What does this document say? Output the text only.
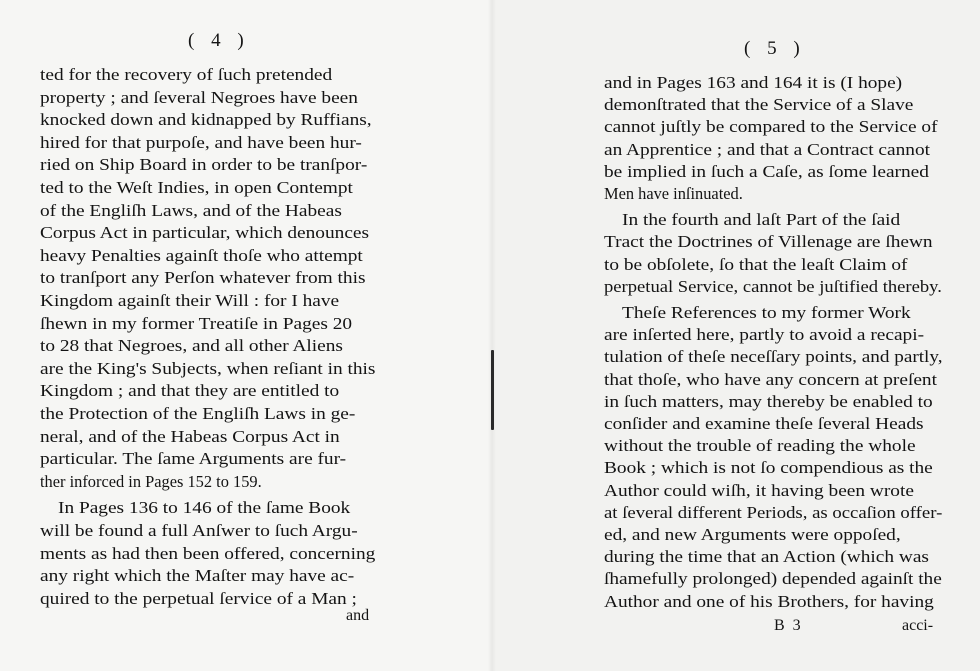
( 4 )
ted for the recovery of ſuch pretended
property ; and ſeveral Negroes have been
knocked down and kidnapped by Ruffians,
hired for that purpoſe, and have been hur-
ried on Ship Board in order to be tranſpor-
ted to the Weſt Indies, in open Contempt
of the Engliſh Laws, and of the Habeas
Corpus Act in particular, which denounces
heavy Penalties againſt thoſe who attempt
to tranſport any Perſon whatever from this
Kingdom againſt their Will : for I have
ſhewn in my former Treatiſe in Pages 20
to 28 that Negroes, and all other Aliens
are the King's Subjects, when reſiant in this
Kingdom ; and that they are entitled to
the Protection of the Engliſh Laws in ge-
neral, and of the Habeas Corpus Act in
particular. The ſame Arguments are fur-
ther inforced in Pages 152 to 159.
In Pages 136 to 146 of the ſame Book
will be found a full Anſwer to ſuch Argu-
ments as had then been offered, concerning
any right which the Maſter may have ac-
quired to the perpetual ſervice of a Man ;
and
( 5 )
and in Pages 163 and 164 it is (I hope)
demonſtrated that the Service of a Slave
cannot juſtly be compared to the Service of
an Apprentice ; and that a Contract cannot
be implied in ſuch a Caſe, as ſome learned
Men have inſinuated.
In the fourth and laſt Part of the ſaid
Tract the Doctrines of Villenage are ſhewn
to be obſolete, ſo that the leaſt Claim of
perpetual Service, cannot be juſtified thereby.
Theſe References to my former Work
are inſerted here, partly to avoid a recapi-
tulation of theſe neceſſary points, and partly,
that thoſe, who have any concern at preſent
in ſuch matters, may thereby be enabled to
conſider and examine theſe ſeveral Heads
without the trouble of reading the whole
Book ; which is not ſo compendious as the
Author could wiſh, it having been wrote
at ſeveral different Periods, as occaſion offer-
ed, and new Arguments were oppoſed,
during the time that an Action (which was
ſhamefully prolonged) depended againſt the
Author and one of his Brothers, for having
B 3	acci-
